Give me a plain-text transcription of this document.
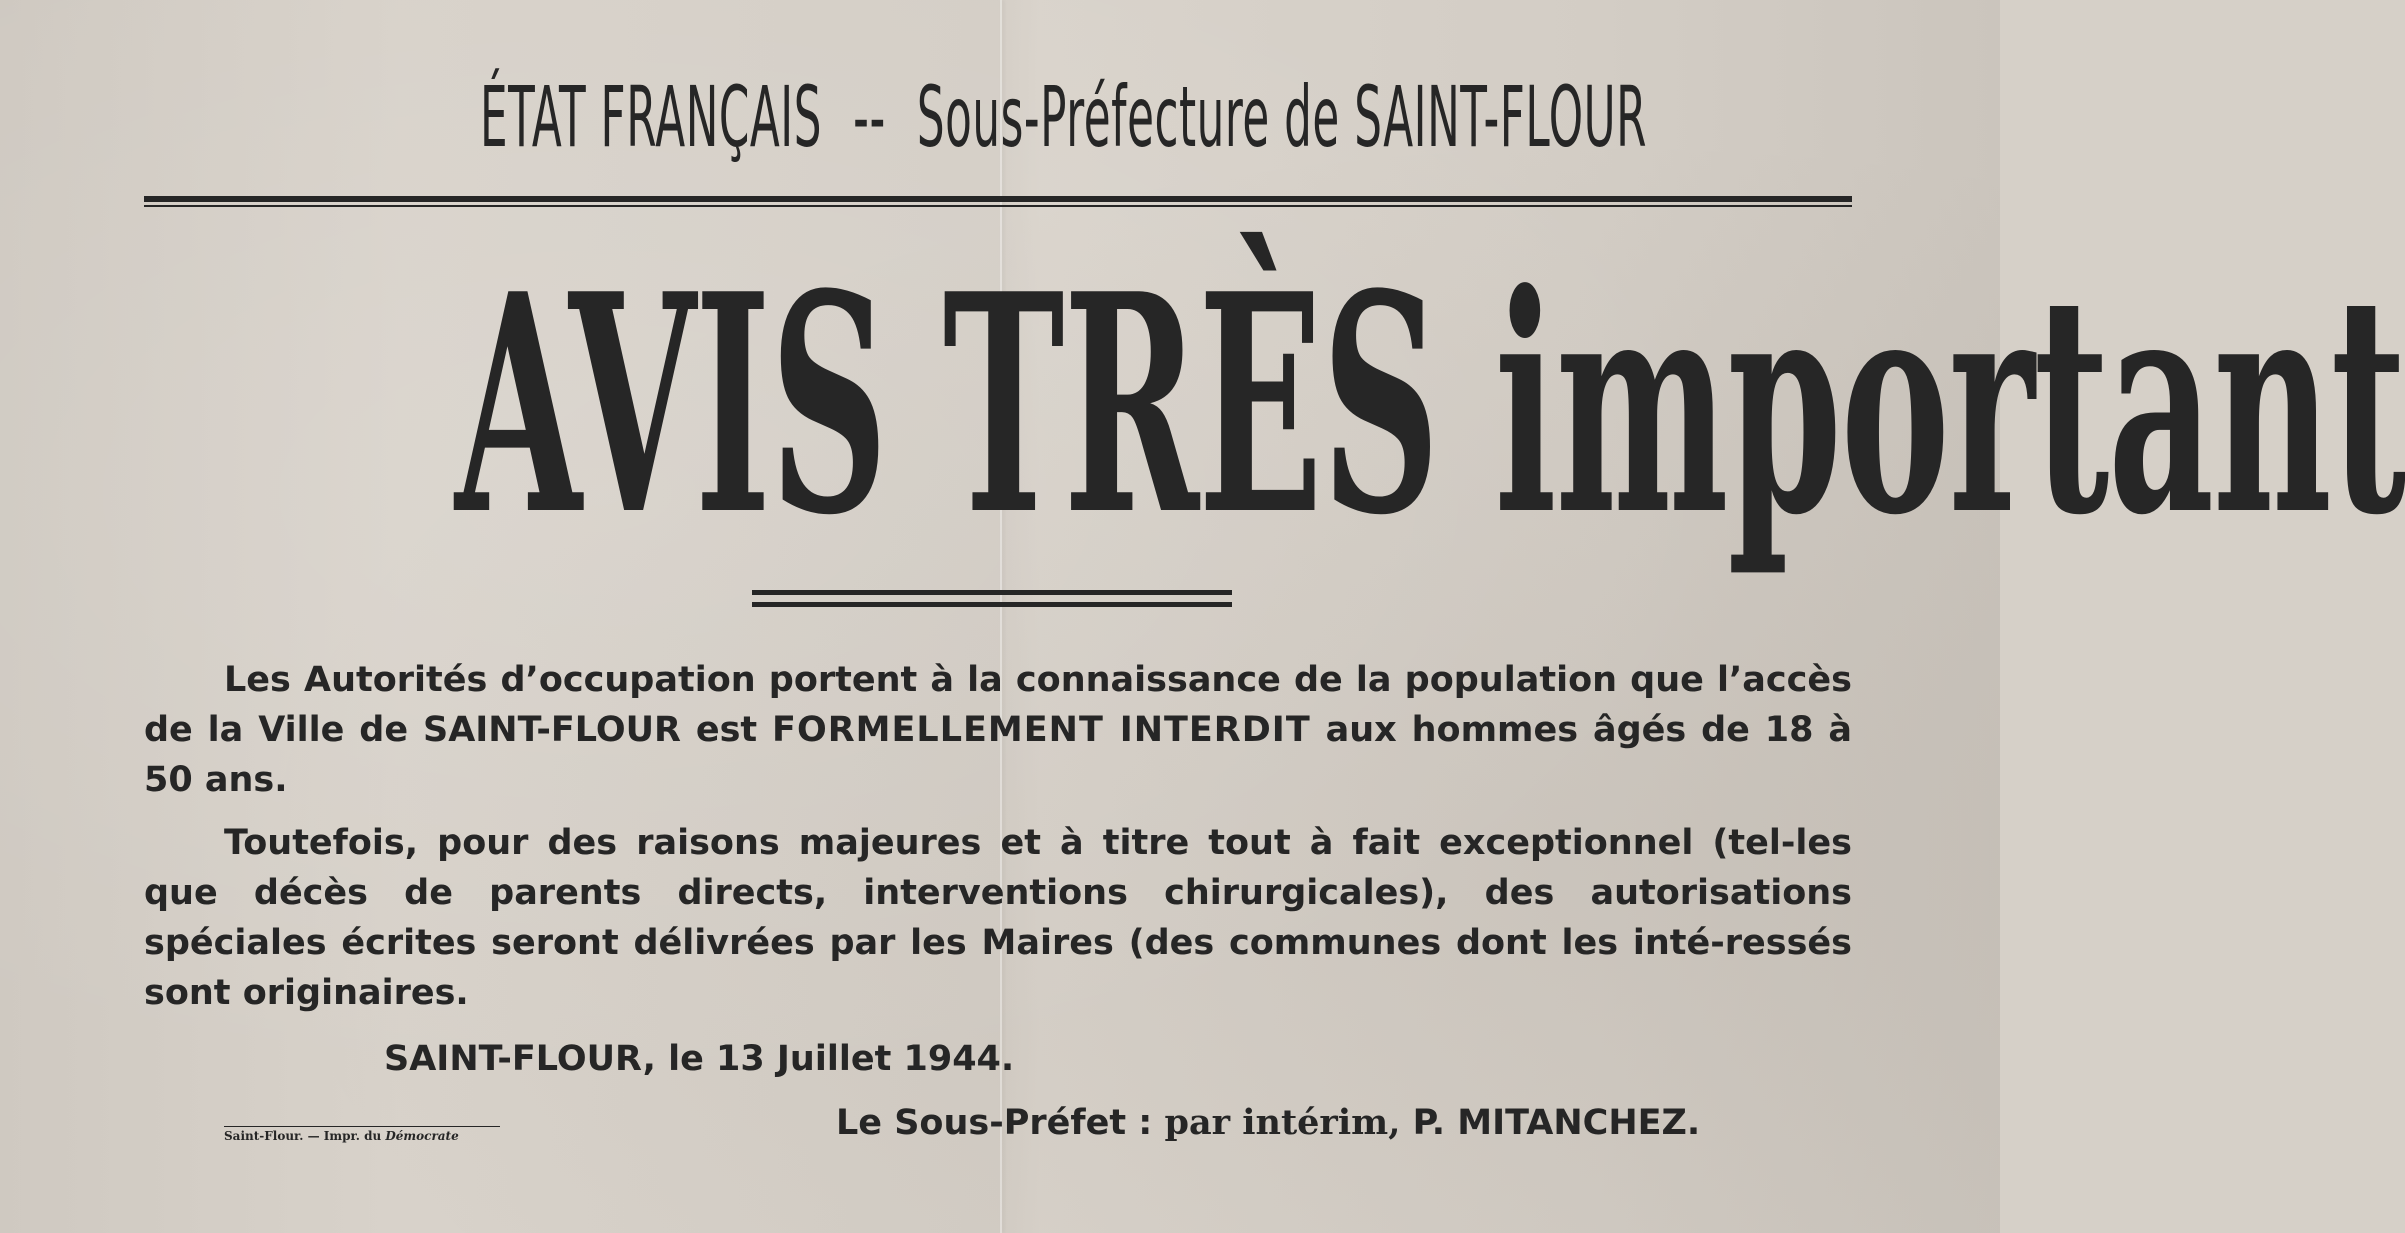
ÉTAT FRANÇAIS -- Sous-Préfecture de SAINT-FLOUR
AVIS TRÈS important
Les Autorités d’occupation portent à la connaissance de la population que l’accès de la Ville de SAINT-FLOUR est FORMELLEMENT INTERDIT aux hommes âgés de 18 à 50 ans.
Toutefois, pour des raisons majeures et à titre tout à fait exceptionnel (tel-les que décès de parents directs, interventions chirurgicales), des autorisations spéciales écrites seront délivrées par les Maires (des communes dont les inté-ressés sont originaires.
SAINT-FLOUR, le 13 Juillet 1944.
Saint-Flour. — Impr. du Démocrate	Le Sous-Préfet : par intérim, P. MITANCHEZ.
